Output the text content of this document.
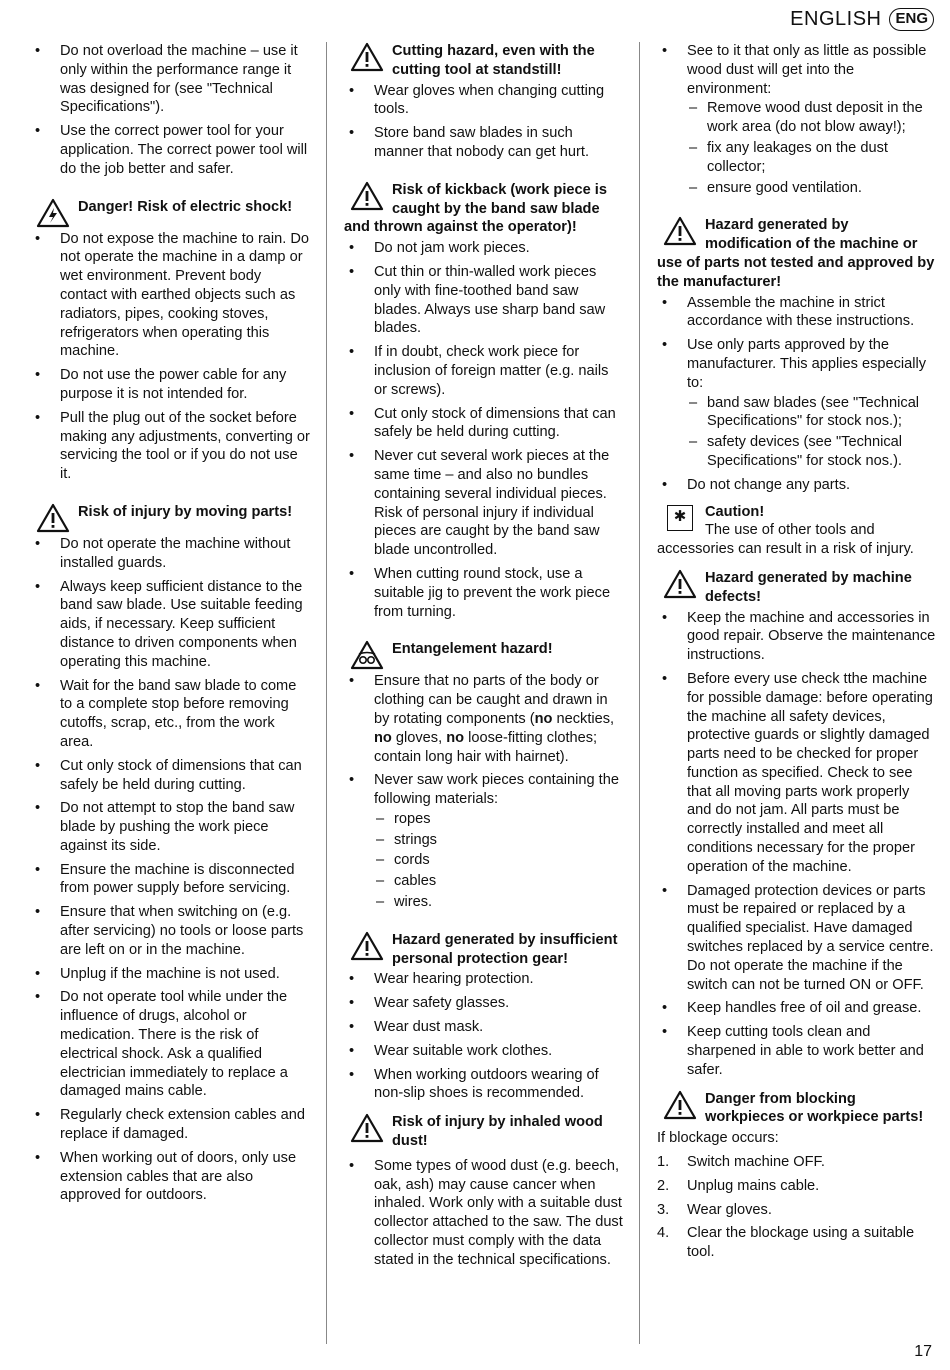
ENGLISH ENG
• Do not overload the machine – use it only within the performance range it was designed for (see "Technical Specifications").
• Use the correct power tool for your application. The correct power tool will do the job better and safer.
Danger! Risk of electric shock!
• Do not expose the machine to rain. Do not operate the machine in a damp or wet environment. Prevent body contact with earthed objects such as radiators, pipes, cooking stoves, refrigerators when operating this machine.
• Do not use the power cable for any purpose it is not intended for.
• Pull the plug out of the socket before making any adjustments, converting or servicing the tool or if you do not use it.
Risk of injury by moving parts!
• Do not operate the machine without installed guards.
• Always keep sufficient distance to the band saw blade. Use suitable feeding aids, if necessary. Keep sufficient distance to driven components when operating this machine.
• Wait for the band saw blade to come to a complete stop before removing cutoffs, scrap, etc., from the work area.
• Cut only stock of dimensions that can safely be held during cutting.
• Do not attempt to stop the band saw blade by pushing the work piece against its side.
• Ensure the machine is disconnected from power supply before servicing.
• Ensure that when switching on (e.g. after servicing) no tools or loose parts are left on or in the machine.
• Unplug if the machine is not used.
• Do not operate tool while under the influence of drugs, alcohol or medication. There is the risk of electrical shock. Ask a qualified electrician immediately to replace a damaged mains cable.
• Regularly check extension cables and replace if damaged.
• When working out of doors, only use extension cables that are also approved for outdoors.
Cutting hazard, even with the cutting tool at standstill!
• Wear gloves when changing cutting tools.
• Store band saw blades in such manner that nobody can get hurt.
Risk of kickback (work piece is caught by the band saw blade and thrown against the operator)!
• Do not jam work pieces.
• Cut thin or thin-walled work pieces only with fine-toothed band saw blades. Always use sharp band saw blades.
• If in doubt, check work piece for inclusion of foreign matter (e.g. nails or screws).
• Cut only stock of dimensions that can safely be held during cutting.
• Never cut several work pieces at the same time – and also no bundles containing several individual pieces. Risk of personal injury if individual pieces are caught by the band saw blade uncontrolled.
• When cutting round stock, use a suitable jig to prevent the work piece from turning.
Entangelement hazard!
• Ensure that no parts of the body or clothing can be caught and drawn in by rotating components (no neckties, no gloves, no loose-fitting clothes; contain long hair with hairnet).
• Never saw work pieces containing the following materials:
– ropes
– strings
– cords
– cables
– wires.
Hazard generated by insufficient personal protection gear!
• Wear hearing protection.
• Wear safety glasses.
• Wear dust mask.
• Wear suitable work clothes.
• When working outdoors wearing of non-slip shoes is recommended.
Risk of injury by inhaled wood dust!
• Some types of wood dust (e.g. beech, oak, ash) may cause cancer when inhaled. Work only with a suitable dust collector attached to the saw. The dust collector must comply with the data stated in the technical specifications.
• See to it that only as little as possible wood dust will get into the environment:
– Remove wood dust deposit in the work area (do not blow away!);
– fix any leakages on the dust collector;
– ensure good ventilation.
Hazard generated by modification of the machine or use of parts not tested and approved by the manufacturer!
• Assemble the machine in strict accordance with these instructions.
• Use only parts approved by the manufacturer. This applies especially to:
– band saw blades (see "Technical Specifications" for stock nos.);
– safety devices (see "Technical Specifications" for stock nos.).
• Do not change any parts.
✱	Caution!
The use of other tools and accessories can result in a risk of injury.
Hazard generated by machine defects!
• Keep the machine and accessories in good repair. Observe the maintenance instructions.
• Before every use check tthe machine for possible damage: before operating the machine all safety devices, protective guards or slightly damaged parts need to be checked for proper function as specified. Check to see that all moving parts work properly and do not jam. All parts must be correctly installed and meet all conditions necessary for the proper operation of the machine.
• Damaged protection devices or parts must be repaired or replaced by a qualified specialist. Have damaged switches replaced by a service centre. Do not operate the machine if the switch can not be turned ON or OFF.
• Keep handles free of oil and grease.
• Keep cutting tools clean and sharpened in able to work better and safer.
Danger from blocking workpieces or workpiece parts!

If blockage occurs:

1. Switch machine OFF.
2. Unplug mains cable.
3. Wear gloves.
4. Clear the blockage using a suitable tool.
17
